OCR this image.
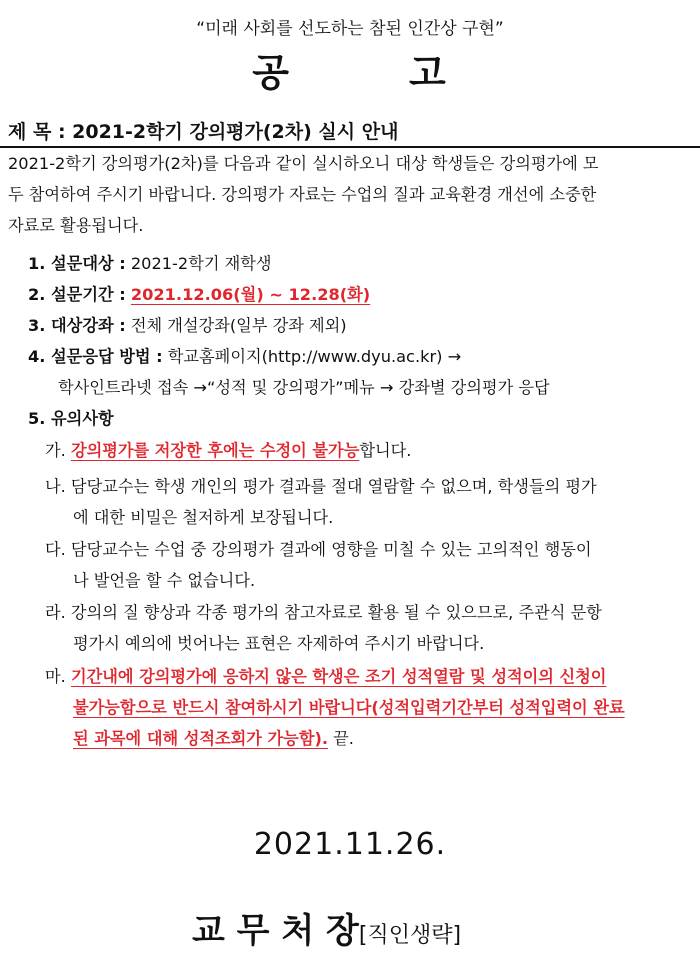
“미래 사회를 선도하는 참된 인간상 구현”
공	고
제 목 : 2021-2학기 강의평가(2차) 실시 안내
2021-2학기 강의평가(2차)를 다음과 같이 실시하오니 대상 학생들은 강의평가에 모
두 참여하여 주시기 바랍니다. 강의평가 자료는 수업의 질과 교육환경 개선에 소중한
자료로 활용됩니다.
1. 설문대상 : 2021-2학기 재학생
2. 설문기간 : 2021.12.06(월) ~ 12.28(화)
3. 대상강좌 : 전체 개설강좌(일부 강좌 제외)
4. 설문응답 방법 : 학교홈페이지(http://www.dyu.ac.kr) →
학사인트라넷 접속 →“성적 및 강의평가”메뉴 → 강좌별 강의평가 응답
5. 유의사항
가. 강의평가를 저장한 후에는 수정이 불가능합니다.
나. 담당교수는 학생 개인의 평가 결과를 절대 열람할 수 없으며, 학생들의 평가
에 대한 비밀은 철저하게 보장됩니다.
다. 담당교수는 수업 중 강의평가 결과에 영향을 미칠 수 있는 고의적인 행동이
나 발언을 할 수 없습니다.
라. 강의의 질 향상과 각종 평가의 참고자료로 활용 될 수 있으므로, 주관식 문항
평가시 예의에 벗어나는 표현은 자제하여 주시기 바랍니다.
마. 기간내에 강의평가에 응하지 않은 학생은 조기 성적열람 및 성적이의 신청이
불가능함으로 반드시 참여하시기 바랍니다(성적입력기간부터 성적입력이 완료
된 과목에 대해 성적조회가 가능함). 끝.
2021.11.26.
교 무 처 장[직인생략]
